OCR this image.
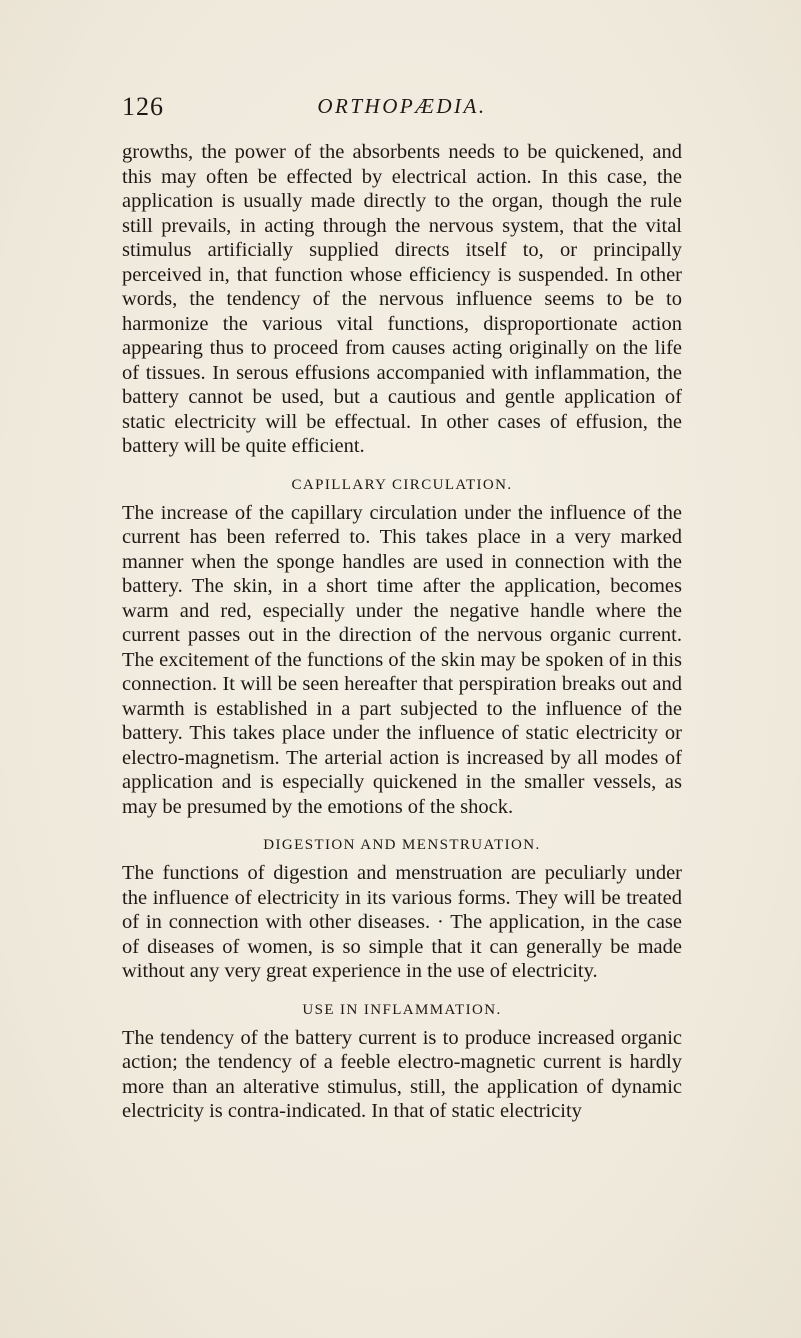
126	ORTHOPÆDIA.

growths, the power of the absorbents needs to be quickened, and this may often be effected by electrical action. In this case, the application is usually made directly to the organ, though the rule still prevails, in acting through the nervous system, that the vital stimulus artificially supplied directs itself to, or principally perceived in, that function whose efficiency is suspended. In other words, the tendency of the nervous influence seems to be to harmonize the various vital functions, disproportionate action appearing thus to proceed from causes acting originally on the life of tissues. In serous effusions accompanied with inflammation, the battery cannot be used, but a cautious and gentle application of static electricity will be effectual. In other cases of effusion, the battery will be quite efficient.

CAPILLARY CIRCULATION.

The increase of the capillary circulation under the influence of the current has been referred to. This takes place in a very marked manner when the sponge handles are used in connection with the battery. The skin, in a short time after the application, becomes warm and red, especially under the negative handle where the current passes out in the direction of the nervous organic current. The excitement of the functions of the skin may be spoken of in this connection. It will be seen hereafter that perspiration breaks out and warmth is established in a part subjected to the influence of the battery. This takes place under the influence of static electricity or electro-magnetism. The arterial action is increased by all modes of application and is especially quickened in the smaller vessels, as may be presumed by the emotions of the shock.

DIGESTION AND MENSTRUATION.

The functions of digestion and menstruation are peculiarly under the influence of electricity in its various forms. They will be treated of in connection with other diseases. · The application, in the case of diseases of women, is so simple that it can generally be made without any very great experience in the use of electricity.

USE IN INFLAMMATION.

The tendency of the battery current is to produce increased organic action; the tendency of a feeble electro-magnetic current is hardly more than an alterative stimulus, still, the application of dynamic electricity is contra-indicated. In that of static electricity
